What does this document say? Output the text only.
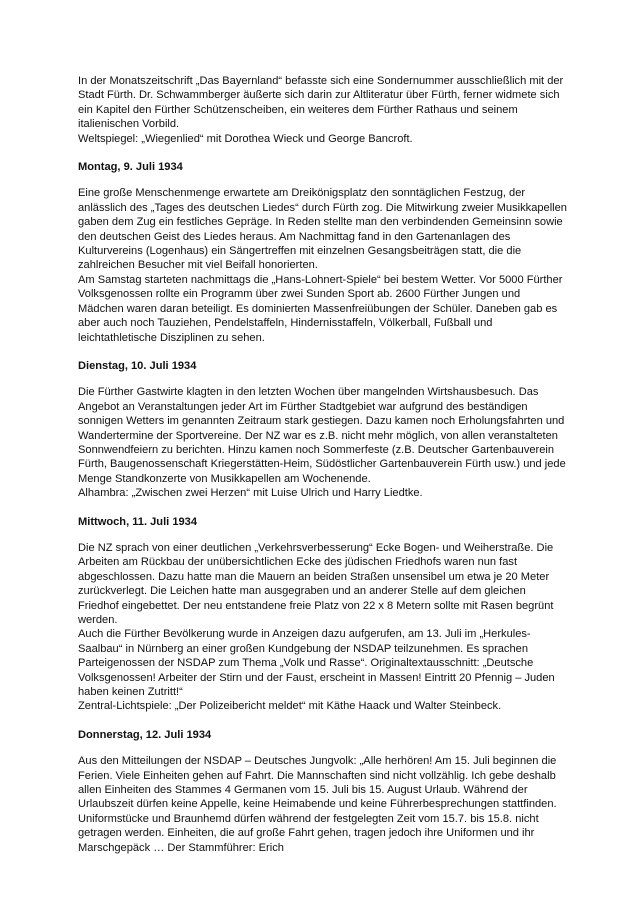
In der Monatszeitschrift „Das Bayernland“ befasste sich eine Sondernummer ausschließlich mit der Stadt Fürth. Dr. Schwammberger äußerte sich darin zur Altliteratur über Fürth, ferner widmete sich ein Kapitel den Fürther Schützenscheiben, ein weiteres dem Fürther Rathaus und seinem italienischen Vorbild.

Weltspiegel: „Wiegenlied“ mit Dorothea Wieck und George Bancroft.

Montag, 9. Juli 1934

Eine große Menschenmenge erwartete am Dreikönigsplatz den sonntäglichen Festzug, der anlässlich des „Tages des deutschen Liedes“ durch Fürth zog. Die Mitwirkung zweier Musikkapellen gaben dem Zug ein festliches Gepräge. In Reden stellte man den verbindenden Gemeinsinn sowie den deutschen Geist des Liedes heraus. Am Nachmittag fand in den Gartenanlagen des Kulturvereins (Logenhaus) ein Sängertreffen mit einzelnen Gesangsbeiträgen statt, die die zahlreichen Besucher mit viel Beifall honorierten.

Am Samstag starteten nachmittags die „Hans-Lohnert-Spiele“ bei bestem Wetter. Vor 5000 Fürther Volksgenossen rollte ein Programm über zwei Sunden Sport ab. 2600 Fürther Jungen und Mädchen waren daran beteiligt. Es dominierten Massenfreiübungen der Schüler. Daneben gab es aber auch noch Tauziehen, Pendelstaffeln, Hindernisstaffeln, Völkerball, Fußball und leichtathletische Disziplinen zu sehen.

Dienstag, 10. Juli 1934

Die Fürther Gastwirte klagten in den letzten Wochen über mangelnden Wirtshausbesuch. Das Angebot an Veranstaltungen jeder Art im Fürther Stadtgebiet war aufgrund des beständigen sonnigen Wetters im genannten Zeitraum stark gestiegen. Dazu kamen noch Erholungsfahrten und Wandertermine der Sportvereine. Der NZ war es z.B. nicht mehr möglich, von allen veranstalteten Sonnwendfeiern zu berichten. Hinzu kamen noch Sommerfeste (z.B. Deutscher Gartenbauverein Fürth, Baugenossenschaft Kriegerstätten-Heim, Südöstlicher Gartenbauverein Fürth usw.) und jede Menge Standkonzerte von Musikkapellen am Wochenende.

Alhambra: „Zwischen zwei Herzen“ mit Luise Ulrich und Harry Liedtke.

Mittwoch, 11. Juli 1934

Die NZ sprach von einer deutlichen „Verkehrsverbesserung“ Ecke Bogen- und Weiherstraße. Die Arbeiten am Rückbau der unübersichtlichen Ecke des jüdischen Friedhofs waren nun fast abgeschlossen. Dazu hatte man die Mauern an beiden Straßen unsensibel um etwa je 20 Meter zurückverlegt. Die Leichen hatte man ausgegraben und an anderer Stelle auf dem gleichen Friedhof eingebettet. Der neu entstandene freie Platz von 22 x 8 Metern sollte mit Rasen begrünt werden.

Auch die Fürther Bevölkerung wurde in Anzeigen dazu aufgerufen, am 13. Juli im „Herkules-Saalbau“ in Nürnberg an einer großen Kundgebung der NSDAP teilzunehmen. Es sprachen Parteigenossen der NSDAP zum Thema „Volk und Rasse“. Originaltextausschnitt: „Deutsche Volksgenossen! Arbeiter der Stirn und der Faust, erscheint in Massen! Eintritt 20 Pfennig – Juden haben keinen Zutritt!“

Zentral-Lichtspiele: „Der Polizeibericht meldet“ mit Käthe Haack und Walter Steinbeck.

Donnerstag, 12. Juli 1934

Aus den Mitteilungen der NSDAP – Deutsches Jungvolk: „Alle herhören! Am 15. Juli beginnen die Ferien. Viele Einheiten gehen auf Fahrt. Die Mannschaften sind nicht vollzählig. Ich gebe deshalb allen Einheiten des Stammes 4 Germanen vom 15. Juli bis 15. August Urlaub. Während der Urlaubszeit dürfen keine Appelle, keine Heimabende und keine Führerbesprechungen stattfinden. Uniformstücke und Braunhemd dürfen während der festgelegten Zeit vom 15.7. bis 15.8. nicht getragen werden. Einheiten, die auf große Fahrt gehen, tragen jedoch ihre Uniformen und ihr Marschgepäck … Der Stammführer: Erich
